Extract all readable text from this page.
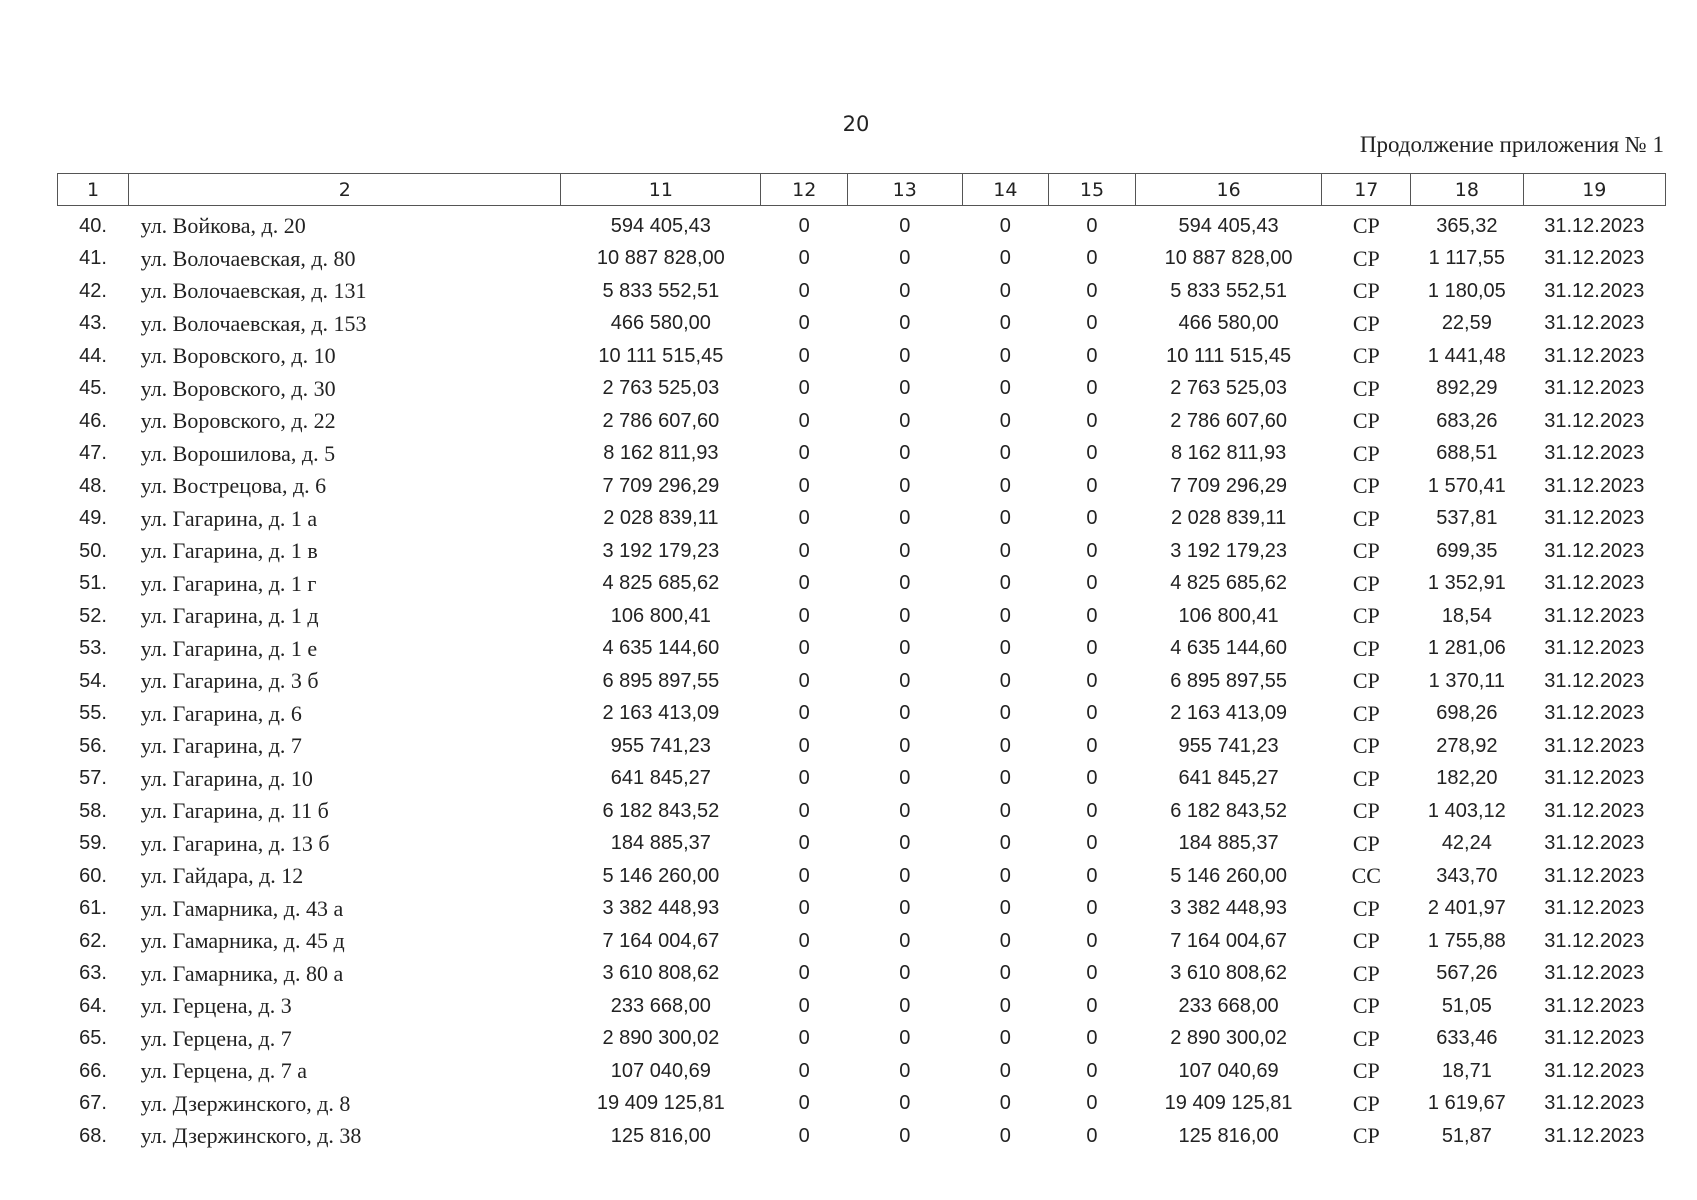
20
Продолжение приложения № 1
1	2	11	12	13	14	15	16	17	18	19
40.	ул. Войкова, д. 20	594 405,43	0	0	0	0	594 405,43	СР	365,32	31.12.2023
41.	ул. Волочаевская, д. 80	10 887 828,00	0	0	0	0	10 887 828,00	СР	1 117,55	31.12.2023
42.	ул. Волочаевская, д. 131	5 833 552,51	0	0	0	0	5 833 552,51	СР	1 180,05	31.12.2023
43.	ул. Волочаевская, д. 153	466 580,00	0	0	0	0	466 580,00	СР	22,59	31.12.2023
44.	ул. Воровского, д. 10	10 111 515,45	0	0	0	0	10 111 515,45	СР	1 441,48	31.12.2023
45.	ул. Воровского, д. 30	2 763 525,03	0	0	0	0	2 763 525,03	СР	892,29	31.12.2023
46.	ул. Воровского, д. 22	2 786 607,60	0	0	0	0	2 786 607,60	СР	683,26	31.12.2023
47.	ул. Ворошилова, д. 5	8 162 811,93	0	0	0	0	8 162 811,93	СР	688,51	31.12.2023
48.	ул. Вострецова, д. 6	7 709 296,29	0	0	0	0	7 709 296,29	СР	1 570,41	31.12.2023
49.	ул. Гагарина, д. 1 а	2 028 839,11	0	0	0	0	2 028 839,11	СР	537,81	31.12.2023
50.	ул. Гагарина, д. 1 в	3 192 179,23	0	0	0	0	3 192 179,23	СР	699,35	31.12.2023
51.	ул. Гагарина, д. 1 г	4 825 685,62	0	0	0	0	4 825 685,62	СР	1 352,91	31.12.2023
52.	ул. Гагарина, д. 1 д	106 800,41	0	0	0	0	106 800,41	СР	18,54	31.12.2023
53.	ул. Гагарина, д. 1 е	4 635 144,60	0	0	0	0	4 635 144,60	СР	1 281,06	31.12.2023
54.	ул. Гагарина, д. 3 б	6 895 897,55	0	0	0	0	6 895 897,55	СР	1 370,11	31.12.2023
55.	ул. Гагарина, д. 6	2 163 413,09	0	0	0	0	2 163 413,09	СР	698,26	31.12.2023
56.	ул. Гагарина, д. 7	955 741,23	0	0	0	0	955 741,23	СР	278,92	31.12.2023
57.	ул. Гагарина, д. 10	641 845,27	0	0	0	0	641 845,27	СР	182,20	31.12.2023
58.	ул. Гагарина, д. 11 б	6 182 843,52	0	0	0	0	6 182 843,52	СР	1 403,12	31.12.2023
59.	ул. Гагарина, д. 13 б	184 885,37	0	0	0	0	184 885,37	СР	42,24	31.12.2023
60.	ул. Гайдара, д. 12	5 146 260,00	0	0	0	0	5 146 260,00	СС	343,70	31.12.2023
61.	ул. Гамарника, д. 43 а	3 382 448,93	0	0	0	0	3 382 448,93	СР	2 401,97	31.12.2023
62.	ул. Гамарника, д. 45 д	7 164 004,67	0	0	0	0	7 164 004,67	СР	1 755,88	31.12.2023
63.	ул. Гамарника, д. 80 а	3 610 808,62	0	0	0	0	3 610 808,62	СР	567,26	31.12.2023
64.	ул. Герцена, д. 3	233 668,00	0	0	0	0	233 668,00	СР	51,05	31.12.2023
65.	ул. Герцена, д. 7	2 890 300,02	0	0	0	0	2 890 300,02	СР	633,46	31.12.2023
66.	ул. Герцена, д. 7 а	107 040,69	0	0	0	0	107 040,69	СР	18,71	31.12.2023
67.	ул. Дзержинского, д. 8	19 409 125,81	0	0	0	0	19 409 125,81	СР	1 619,67	31.12.2023
68.	ул. Дзержинского, д. 38	125 816,00	0	0	0	0	125 816,00	СР	51,87	31.12.2023
